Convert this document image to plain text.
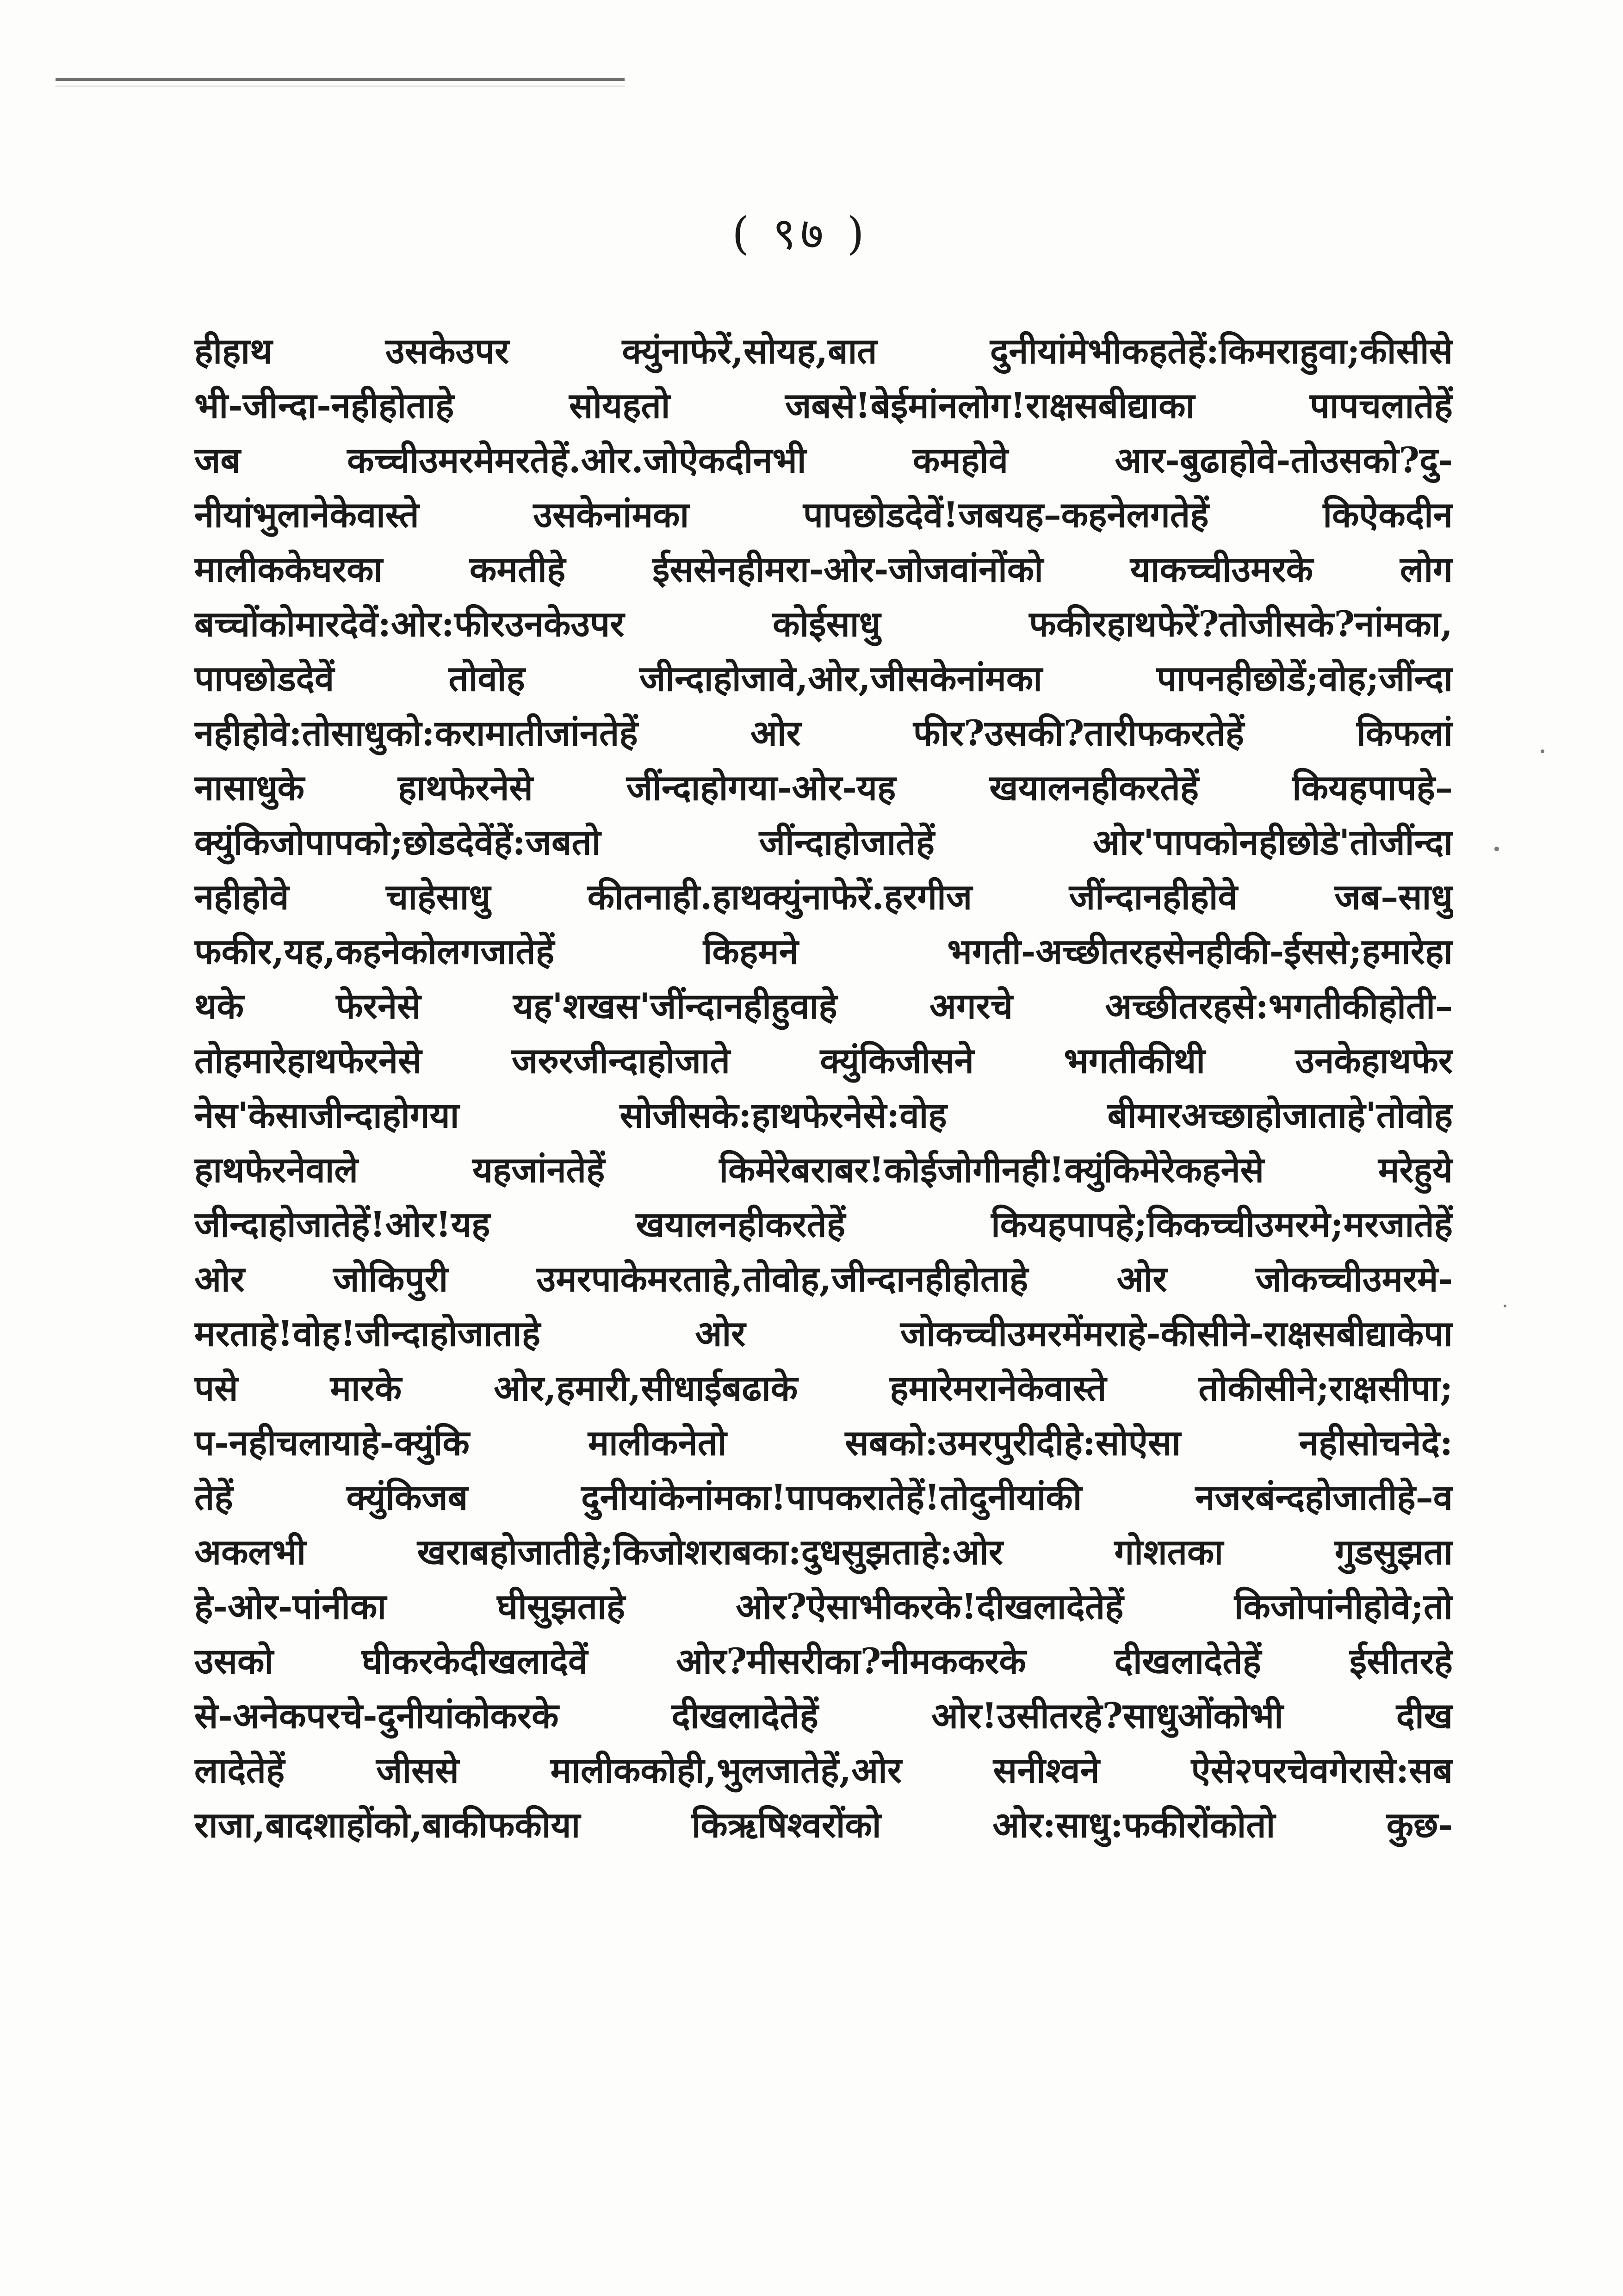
( ९७ )
हीहाथ उसकेउपर क्युंनाफेरें,सोयह,बात दुनीयांमेभीकहतेहें:किमराहुवा;कीसीसे
भी-जीन्दा-नहीहोताहे सोयहतो जबसे!बेईमांनलोग!राक्षसबीद्याका पापचलातेहें
जब कच्चीउमरमेमरतेहें.ओर.जोऐकदीनभी कमहोवे आर-बुढाहोवे-तोउसको?दु-
नीयांभुलानेकेवास्ते उसकेनांमका पापछोडदेवें!जबयह–कहनेलगतेहें किऐकदीन
मालीककेघरका कमतीहे ईससेनहीमरा-ओर-जोजवांनोंको याकच्चीउमरके लोग
बच्चोंकोमारदेवें:ओर:फीरउनकेउपर कोईसाधु फकीरहाथफेरें?तोजीसके?नांमका,
पापछोडदेवें तोवोह जीन्दाहोजावे,ओर,जीसकेनांमका पापनहीछोडें;वोह;जींन्दा
नहीहोवे:तोसाधुको:करामातीजांनतेहें ओर फीर?उसकी?तारीफकरतेहें किफलां
नासाधुके हाथफेरनेसे जींन्दाहोगया-ओर-यह खयालनहीकरतेहें कियहपापहे–
क्युंकिजोपापको;छोडदेवेंहें:जबतो जींन्दाहोजातेहें ओर'पापकोनहीछोडे'तोजींन्दा
नहीहोवे चाहेसाधु कीतनाही.हाथक्युंनाफेरें.हरगीज जींन्दानहीहोवे जब–साधु
फकीर,यह,कहनेकोलगजातेहें किहमने भगती-अच्छीतरहसेनहीकी-ईससे;हमारेहा
थके फेरनेसे यह'शखस'जींन्दानहीहुवाहे अगरचे अच्छीतरहसे:भगतीकीहोती–
तोहमारेहाथफेरनेसे जरुरजीन्दाहोजाते क्युंकिजीसने भगतीकीथी उनकेहाथफेर
नेस'केसाजीन्दाहोगया सोजीसके:हाथफेरनेसे:वोह बीमारअच्छाहोजाताहे'तोवोह
हाथफेरनेवाले यहजांनतेहें किमेरेबराबर!कोईजोगीनही!क्युंकिमेरेकहनेसे मरेहुये
जीन्दाहोजातेहें!ओर!यह खयालनहीकरतेहें कियहपापहे;किकच्चीउमरमे;मरजातेहें
ओर जोकिपुरी उमरपाकेमरताहे,तोवोह,जीन्दानहीहोताहे ओर जोकच्चीउमरमे-
मरताहे!वोह!जीन्दाहोजाताहे ओर जोकच्चीउमरमेंमराहे-कीसीने-राक्षसबीद्याकेपा
पसे मारके ओर,हमारी,सीधाईबढाके हमारेमरानेकेवास्ते तोकीसीने;राक्षसीपा;
प-नहीचलायाहे-क्युंकि मालीकनेतो सबको:उमरपुरीदीहे:सोऐसा नहीसोचनेदे:
तेहें क्युंकिजब दुनीयांकेनांमका!पापकरातेहें!तोदुनीयांकी नजरबंन्दहोजातीहे–व
अकलभी खराबहोजातीहे;किजोशराबका:दुधसुझताहे:ओर गोशतका गुडसुझता
हे-ओर-पांनीका घीसुझताहे ओर?ऐसाभीकरके!दीखलादेतेहें किजोपांनीहोवे;तो
उसको घीकरकेदीखलादेवें ओर?मीसरीका?नीमककरके दीखलादेतेहें ईसीतरहे
से-अनेकपरचे-दुनीयांकोकरके दीखलादेतेहें ओर!उसीतरहे?साधुओंकोभी दीख
लादेतेहें जीससे मालीककोही,भुलजातेहें,ओर सनीश्वने ऐसे२परचेवगेरासे:सब
राजा,बादशाहोंको,बाकीफकीया किऋषिश्वरोंको ओर:साधु:फकीरोंकोतो कुछ-
